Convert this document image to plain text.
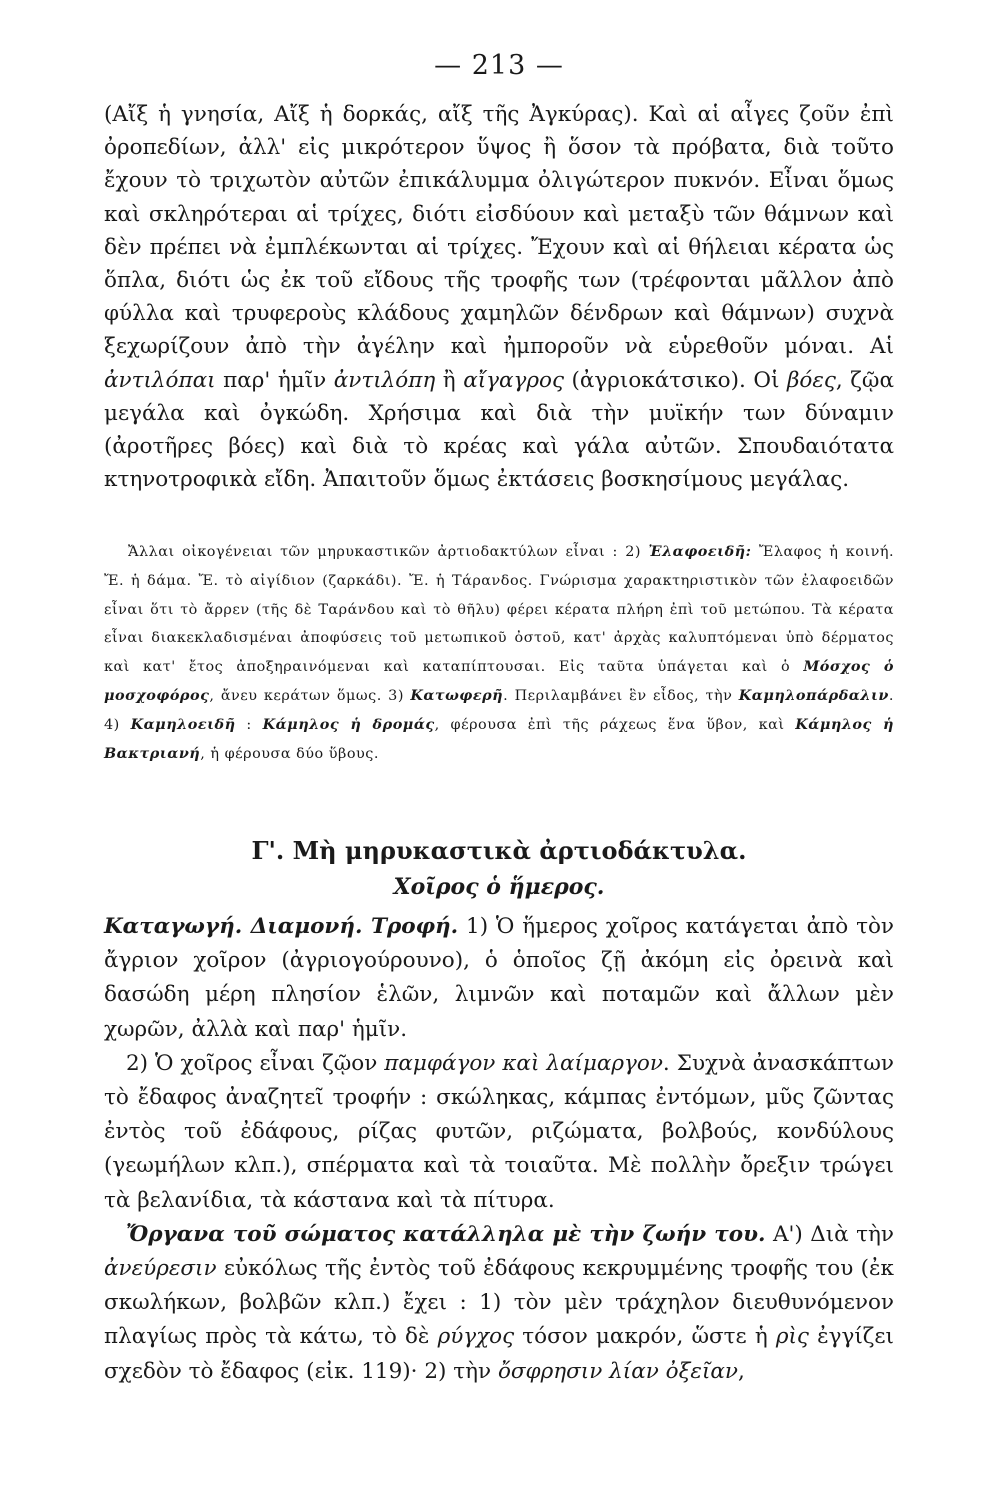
— 213 —

(Αἴξ ἡ γνησία, Αἴξ ἡ δορκάς, αἴξ τῆς Ἀγκύρας). Καὶ αἱ αἶγες ζοῦν ἐπὶ ὀροπεδίων, ἀλλ' εἰς μικρότερον ὕψος ἢ ὅσον τὰ πρόβατα, διὰ τοῦτο ἔχουν τὸ τριχωτὸν αὐτῶν ἐπικάλυμμα ὀλιγώτερον πυκνόν. Εἶναι ὅμως καὶ σκληρότεραι αἱ τρίχες, διότι εἰσδύουν καὶ μεταξὺ τῶν θάμνων καὶ δὲν πρέπει νὰ ἐμπλέκωνται αἱ τρίχες. Ἔχουν καὶ αἱ θήλειαι κέρατα ὡς ὅπλα, διότι ὡς ἐκ τοῦ εἴδους τῆς τροφῆς των (τρέφονται μᾶλλον ἀπὸ φύλλα καὶ τρυφεροὺς κλάδους χαμηλῶν δένδρων καὶ θάμνων) συχνὰ ξεχωρίζουν ἀπὸ τὴν ἀγέλην καὶ ἠμποροῦν νὰ εὑρεθοῦν μόναι. Αἱ ἀντιλόπαι παρ' ἡμῖν ἀντιλόπη ἢ αἴγαγρος (ἀγριοκάτσικο). Οἱ βόες, ζῷα μεγάλα καὶ ὀγκώδη. Χρήσιμα καὶ διὰ τὴν μυϊκήν των δύναμιν (ἀροτῆρες βόες) καὶ διὰ τὸ κρέας καὶ γάλα αὐτῶν. Σπουδαιότατα κτηνοτροφικὰ εἴδη. Ἀπαιτοῦν ὅμως ἐκτάσεις βοσκησίμους μεγάλας.

Ἄλλαι οἰκογένειαι τῶν μηρυκαστικῶν ἀρτιοδακτύλων εἶναι : 2) Ἐλαφοειδῆ: Ἔλαφος ἡ κοινή. Ἔ. ἡ δάμα. Ἔ. τὸ αἰγίδιον (ζαρκάδι). Ἔ. ἡ Τάρανδος. Γνώρισμα χαρακτηριστικὸν τῶν ἐλαφοειδῶν εἶναι ὅτι τὸ ἄρρεν (τῆς δὲ Ταράνδου καὶ τὸ θῆλυ) φέρει κέρατα πλήρη ἐπὶ τοῦ μετώπου. Τὰ κέρατα εἶναι διακεκλαδισμέναι ἀποφύσεις τοῦ μετωπικοῦ ὀστοῦ, κατ' ἀρχὰς καλυπτόμεναι ὑπὸ δέρματος καὶ κατ' ἔτος ἀποξηραινόμεναι καὶ καταπίπτουσαι. Εἰς ταῦτα ὑπάγεται καὶ ὁ Μόσχος ὁ μοσχοφόρος, ἄνευ κεράτων ὅμως. 3) Κατωφερῆ. Περιλαμβάνει ἓν εἶδος, τὴν Καμηλοπάρδαλιν. 4) Καμηλοειδῆ : Κάμηλος ἡ δρομάς, φέρουσα ἐπὶ τῆς ράχεως ἕνα ὕβον, καὶ Κάμηλος ἡ Βακτριανή, ἡ φέρουσα δύο ὕβους.

Γ'. Μὴ μηρυκαστικὰ ἀρτιοδάκτυλα.
Χοῖρος ὁ ἥμερος.

Καταγωγή. Διαμονή. Τροφή. 1) Ὁ ἥμερος χοῖρος κατάγεται ἀπὸ τὸν ἄγριον χοῖρον (ἀγριογούρουνο), ὁ ὁποῖος ζῇ ἀκόμη εἰς ὀρεινὰ καὶ δασώδη μέρη πλησίον ἑλῶν, λιμνῶν καὶ ποταμῶν καὶ ἄλλων μὲν χωρῶν, ἀλλὰ καὶ παρ' ἡμῖν.

2) Ὁ χοῖρος εἶναι ζῷον παμφάγον καὶ λαίμαργον. Συχνὰ ἀνασκάπτων τὸ ἔδαφος ἀναζητεῖ τροφήν : σκώληκας, κάμπας ἐντόμων, μῦς ζῶντας ἐντὸς τοῦ ἐδάφους, ρίζας φυτῶν, ριζώματα, βολβούς, κονδύλους (γεωμήλων κλπ.), σπέρματα καὶ τὰ τοιαῦτα. Μὲ πολλὴν ὄρεξιν τρώγει τὰ βελανίδια, τὰ κάστανα καὶ τὰ πίτυρα.

Ὄργανα τοῦ σώματος κατάλληλα μὲ τὴν ζωήν του. Α') Διὰ τὴν ἀνεύρεσιν εὐκόλως τῆς ἐντὸς τοῦ ἐδάφους κεκρυμμένης τροφῆς του (ἐκ σκωλήκων, βολβῶν κλπ.) ἔχει : 1) τὸν μὲν τράχηλον διευθυνόμενον πλαγίως πρὸς τὰ κάτω, τὸ δὲ ρύγχος τόσον μακρόν, ὥστε ἡ ρὶς ἐγγίζει σχεδὸν τὸ ἔδαφος (εἰκ. 119)· 2) τὴν ὄσφρησιν λίαν ὀξεῖαν,
